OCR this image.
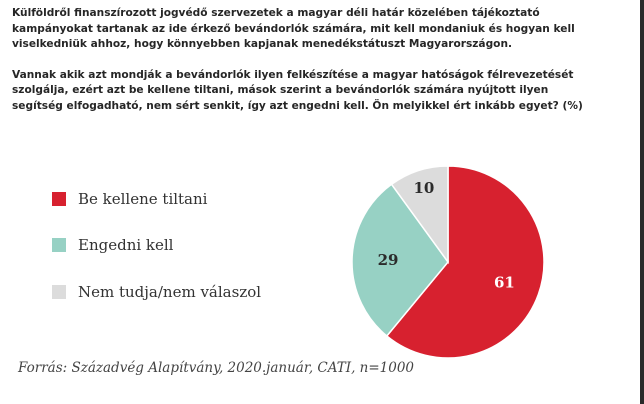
Külföldről finanszírozott jogvédő szervezetek a magyar déli határ közelében tájékoztató
kampányokat tartanak az ide érkező bevándorlók számára, mit kell mondaniuk és hogyan kell
viselkedniük ahhoz, hogy könnyebben kapjanak menedékstátuszt Magyarországon.

Vannak akik azt mondják a bevándorlók ilyen felkészítése a magyar hatóságok félrevezetését
szolgálja, ezért azt be kellene tiltani, mások szerint a bevándorlók számára nyújtott ilyen
segítség elfogadható, nem sért senkit, így azt engedni kell. Ön melyikkel ért inkább egyet? (%)

Be kellene tiltani
Engedni kell
Nem tudja/nem válaszol
61
29
10
Forrás: Századvég Alapítvány, 2020.január, CATI, n=1000
